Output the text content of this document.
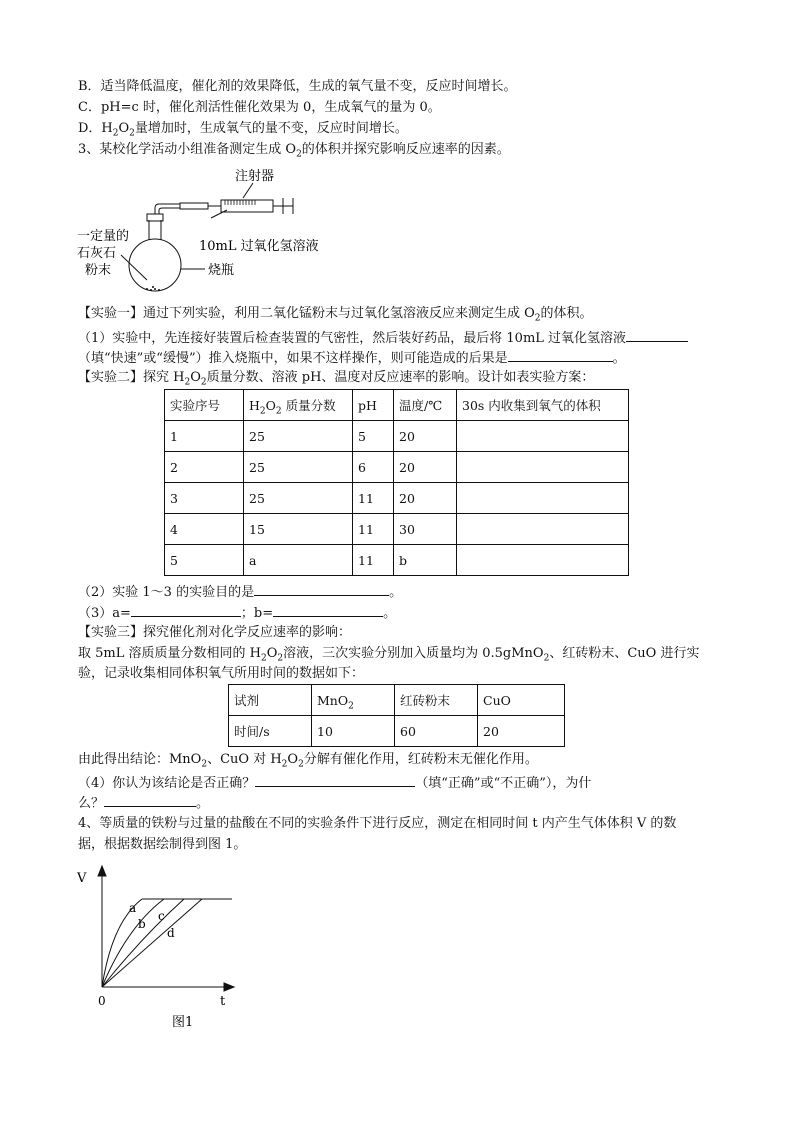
B．适当降低温度，催化剂的效果降低，生成的氧气量不变，反应时间增长。
C．pH=c 时，催化剂活性催化效果为 0，生成氧气的量为 0。
D．$H_2O_2$量增加时，生成氧气的量不变，反应时间增长。
3、某校化学活动小组准备测定生成 $O_2$的体积并探究影响反应速率的因素。
注射器
10mL 过氧化氢溶液
一定量的
石灰石
粉末	烧瓶
【实验一】通过下列实验，利用二氧化锰粉末与过氧化氢溶液反应来测定生成 $O_2$的体积。
（1）实验中，先连接好装置后检查装置的气密性，然后装好药品，最后将 10mL 过氧化氢溶液
（填“快速”或“缓慢”）推入烧瓶中，如果不这样操作，则可能造成的后果是	。
【实验二】探究 $H_2O_2$质量分数、溶液 pH、温度对反应速率的影响。设计如表实验方案：
实验序号	$H_2O_2$ 质量分数	pH	温度/℃	30s 内收集到氧气的体积
1	25	5	20	
2	25	6	20	
3	25	11	20	
4	15	11	30	
5	a	11	b	
（2）实验 1～3 的实验目的是	。
（3）a=	；b=	。
【实验三】探究催化剂对化学反应速率的影响：
取 5mL 溶质质量分数相同的 $H_2O_2$溶液，三次实验分别加入质量均为 0.5gMnO$_2$、红砖粉末、CuO 进行实
验，记录收集相同体积氧气所用时间的数据如下：
试剂	MnO$_2$	红砖粉末	CuO
时间/s	10	60	20
由此得出结论：MnO$_2$、CuO 对 $H_2O_2$分解有催化作用，红砖粉末无催化作用。
（4）你认为该结论是否正确？	（填“正确”或“不正确”），为什
么？	。
4、等质量的铁粉与过量的盐酸在不同的实验条件下进行反应，测定在相同时间 t 内产生气体体积 V 的数
据，根据数据绘制得到图 1。
V
t
0
a
b
c
d
图1
